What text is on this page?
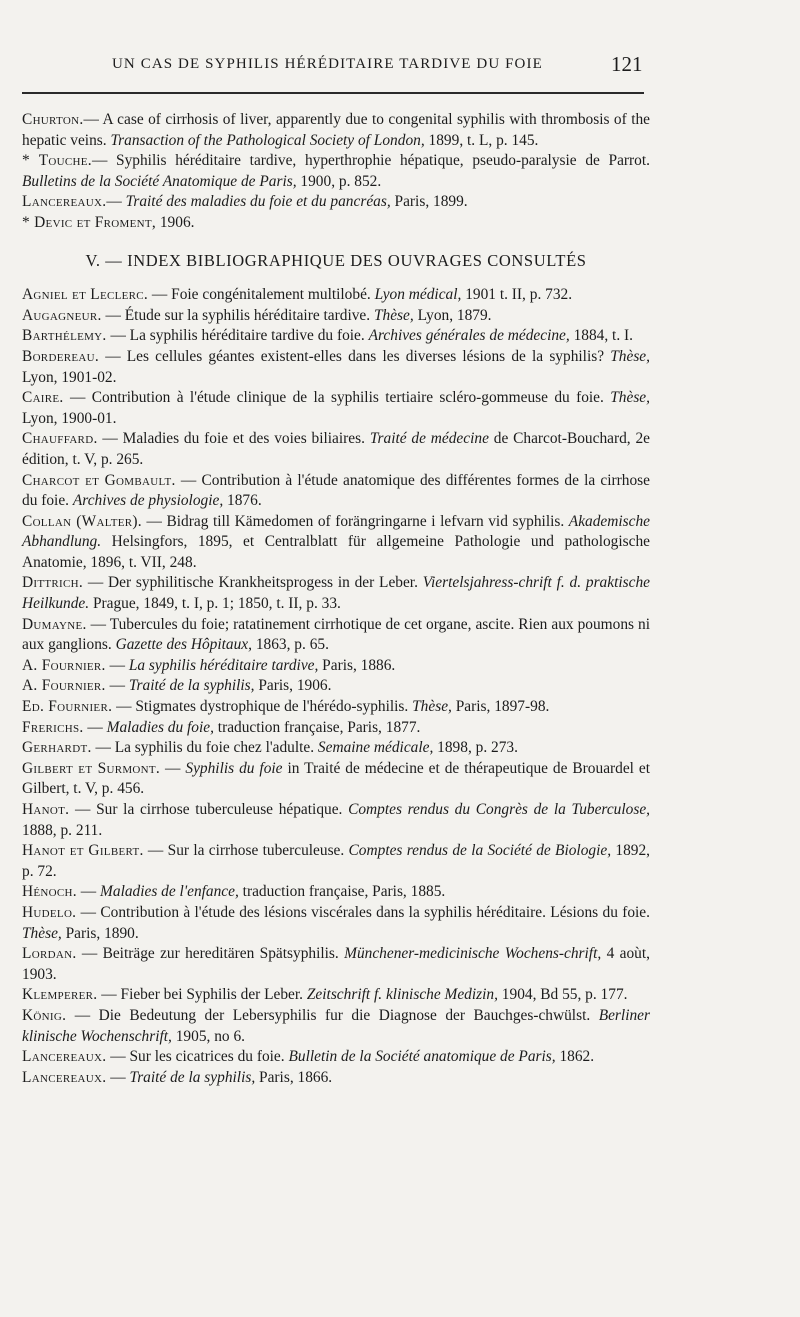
UN CAS DE SYPHILIS HÉRÉDITAIRE TARDIVE DU FOIE	121
Churton.— A case of cirrhosis of liver, apparently due to congenital syphilis with thrombosis of the hepatic veins. Transaction of the Pathological Society of London, 1899, t. L, p. 145.
* Touche.— Syphilis héréditaire tardive, hyperthrophie hépatique, pseudo-paralysie de Parrot. Bulletins de la Société Anatomique de Paris, 1900, p. 852.
Lancereaux.— Traité des maladies du foie et du pancréas, Paris, 1899.
* Devic et Froment, 1906.
V. — INDEX BIBLIOGRAPHIQUE DES OUVRAGES CONSULTÉS
Agniel et Leclerc. — Foie congénitalement multilobé. Lyon médical, 1901 t. II, p. 732.
Augagneur. — Étude sur la syphilis héréditaire tardive. Thèse, Lyon, 1879.
Barthélemy. — La syphilis héréditaire tardive du foie. Archives générales de médecine, 1884, t. I.
Bordereau. — Les cellules géantes existent-elles dans les diverses lésions de la syphilis? Thèse, Lyon, 1901-02.
Caire. — Contribution à l'étude clinique de la syphilis tertiaire scléro-gommeuse du foie. Thèse, Lyon, 1900-01.
Chauffard. — Maladies du foie et des voies biliaires. Traité de médecine de Charcot-Bouchard, 2e édition, t. V, p. 265.
Charcot et Gombault. — Contribution à l'étude anatomique des différentes formes de la cirrhose du foie. Archives de physiologie, 1876.
Collan (Walter). — Bidrag till Kämedomen of forängringarne i lefvarn vid syphilis. Akademische Abhandlung. Helsingfors, 1895, et Centralblatt für allgemeine Pathologie und pathologische Anatomie, 1896, t. VII, 248.
Dittrich. — Der syphilitische Krankheitsprogess in der Leber. Viertelsjahress-chrift f. d. praktische Heilkunde. Prague, 1849, t. I, p. 1; 1850, t. II, p. 33.
Dumayne. — Tubercules du foie; ratatinement cirrhotique de cet organe, ascite. Rien aux poumons ni aux ganglions. Gazette des Hôpitaux, 1863, p. 65.
A. Fournier. — La syphilis héréditaire tardive, Paris, 1886.
A. Fournier. — Traité de la syphilis, Paris, 1906.
Ed. Fournier. — Stigmates dystrophique de l'hérédo-syphilis. Thèse, Paris, 1897-98.
Frerichs. — Maladies du foie, traduction française, Paris, 1877.
Gerhardt. — La syphilis du foie chez l'adulte. Semaine médicale, 1898, p. 273.
Gilbert et Surmont. — Syphilis du foie in Traité de médecine et de thérapeutique de Brouardel et Gilbert, t. V, p. 456.
Hanot. — Sur la cirrhose tuberculeuse hépatique. Comptes rendus du Congrès de la Tuberculose, 1888, p. 211.
Hanot et Gilbert. — Sur la cirrhose tuberculeuse. Comptes rendus de la Société de Biologie, 1892, p. 72.
Hénoch. — Maladies de l'enfance, traduction française, Paris, 1885.
Hudelo. — Contribution à l'étude des lésions viscérales dans la syphilis héréditaire. Lésions du foie. Thèse, Paris, 1890.
Lordan. — Beiträge zur hereditären Spätsyphilis. Münchener-medicinische Wochens-chrift, 4 aoùt, 1903.
Klemperer. — Fieber bei Syphilis der Leber. Zeitschrift f. klinische Medizin, 1904, Bd 55, p. 177.
König. — Die Bedeutung der Lebersyphilis fur die Diagnose der Bauchges-chwülst. Berliner klinische Wochenschrift, 1905, no 6.
Lancereaux. — Sur les cicatrices du foie. Bulletin de la Société anatomique de Paris, 1862.
Lancereaux. — Traité de la syphilis, Paris, 1866.
